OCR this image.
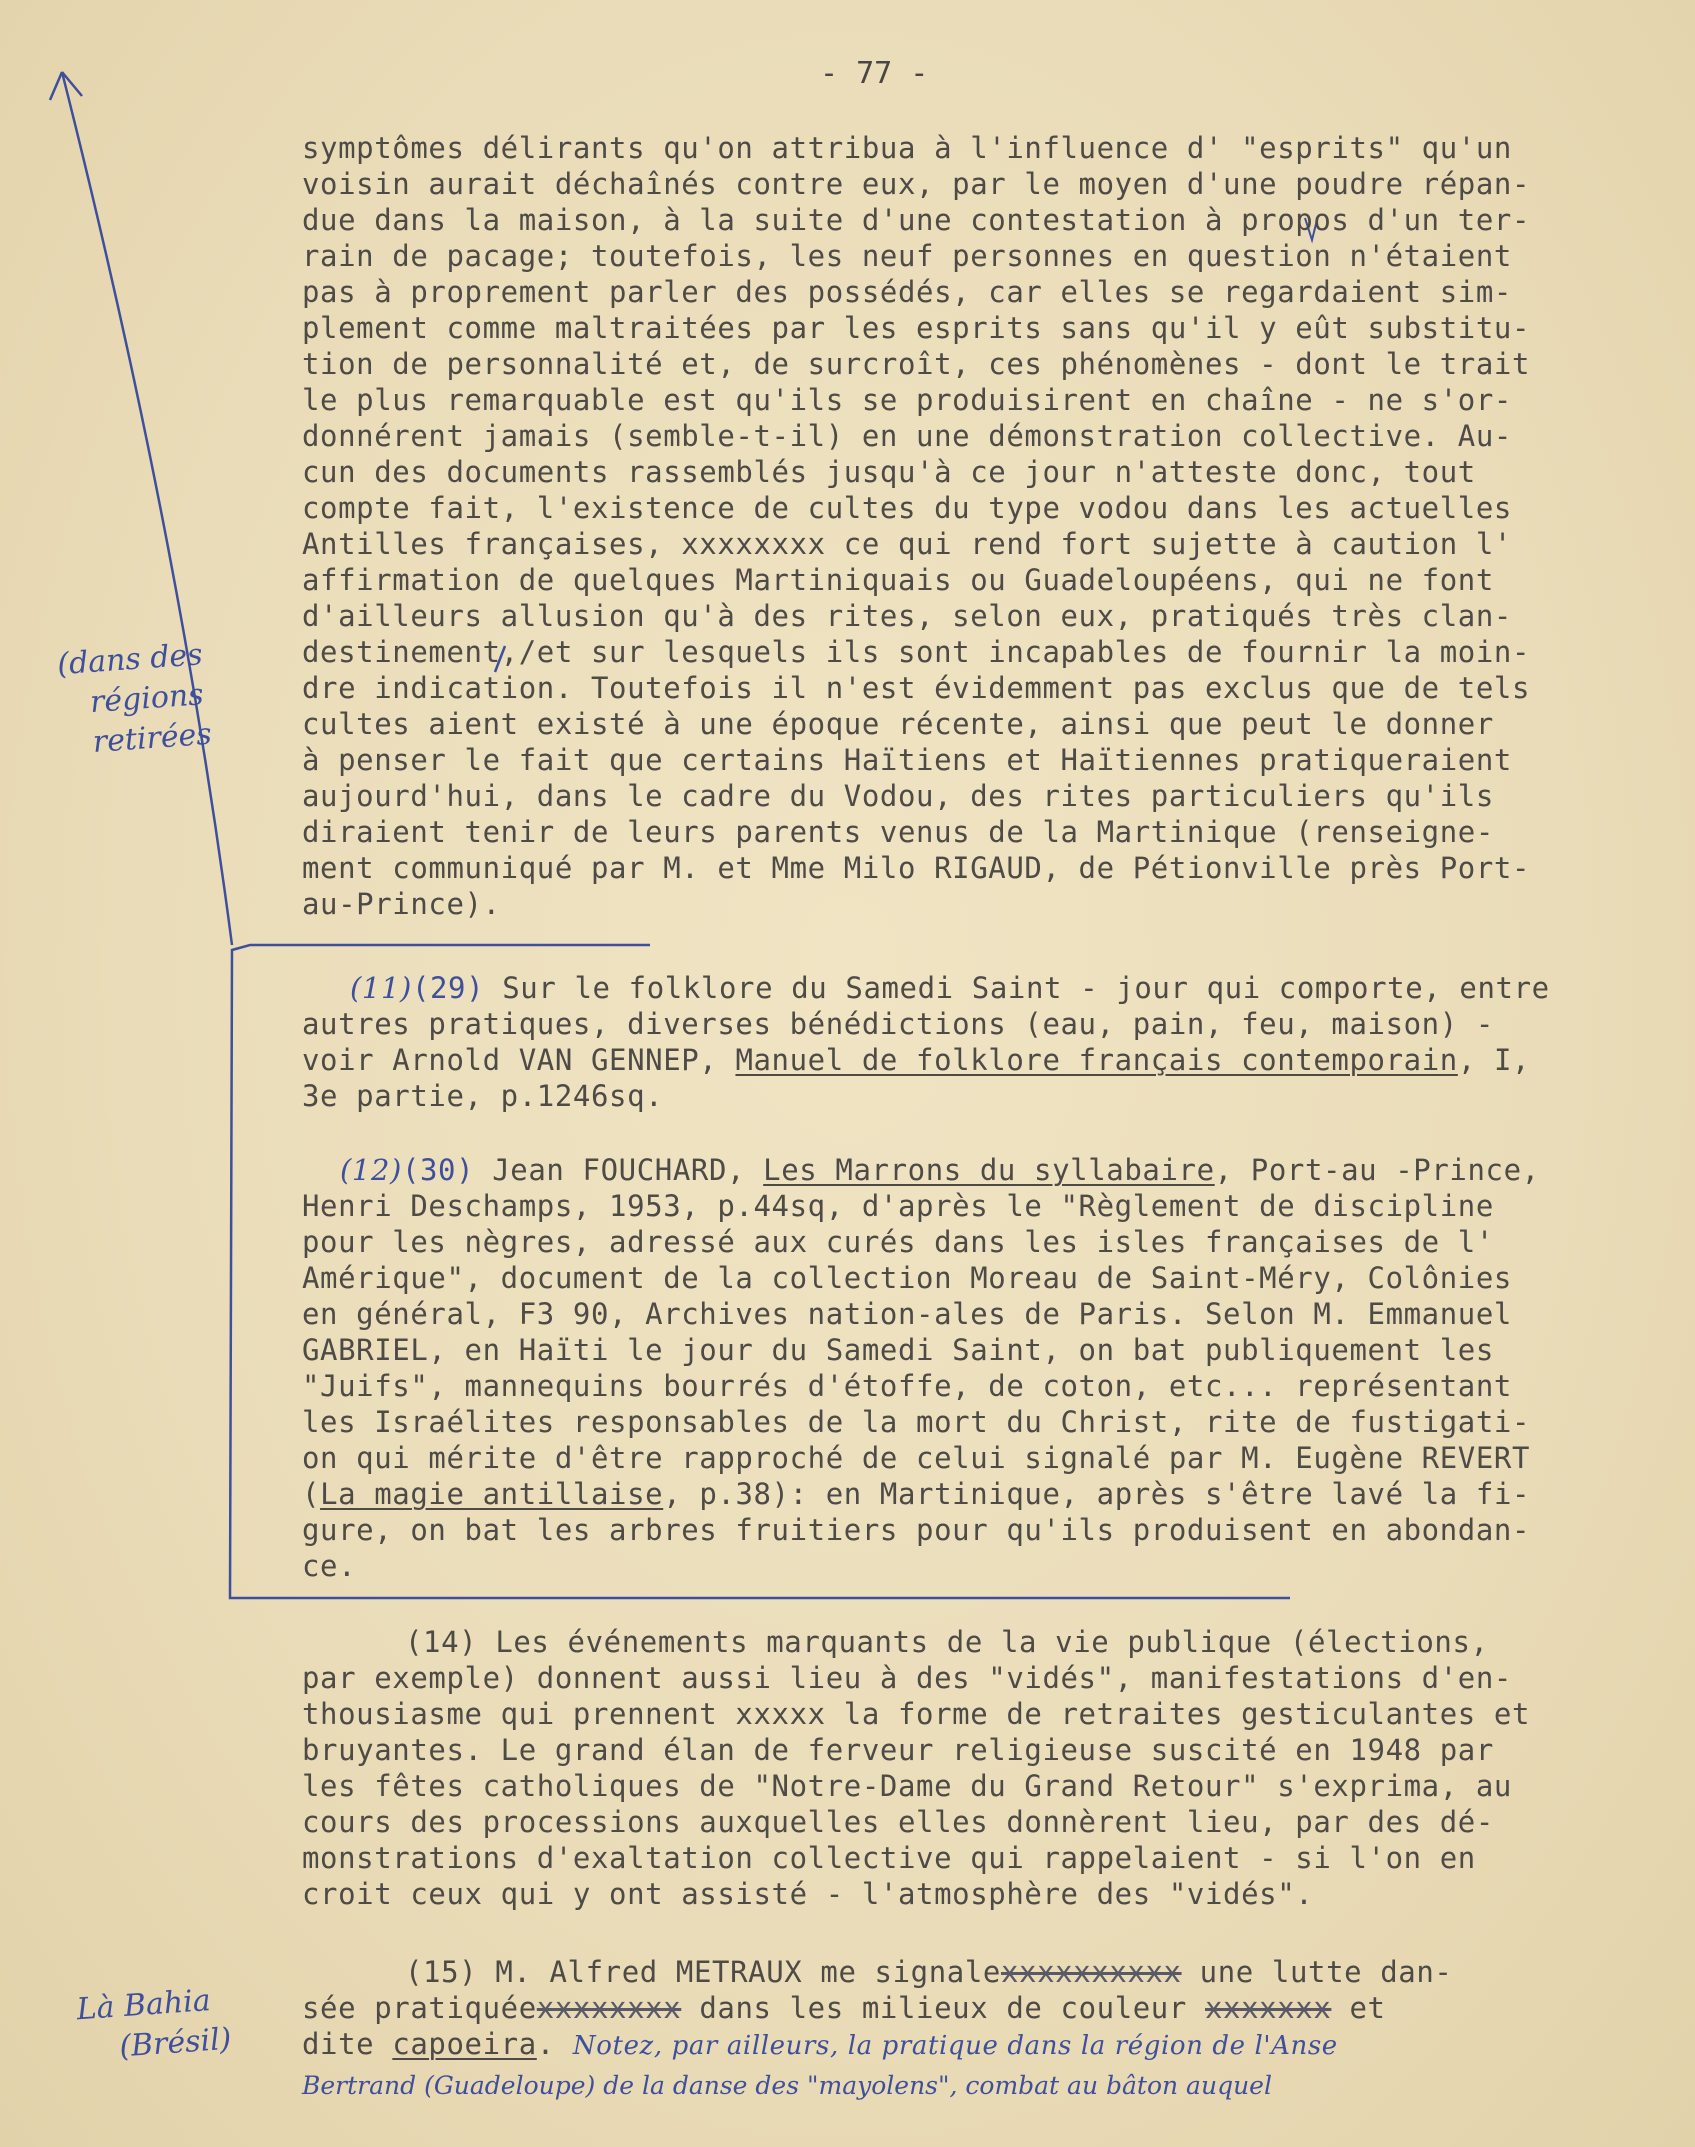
- 77 -
(dans des
régions
retirées
Là Bahia
(Brésil)
symptômes délirants qu'on attribua à l'influence d' "esprits" qu'un
voisin aurait déchaînés contre eux, par le moyen d'une poudre répan-
due dans la maison, à la suite d'une contestation à propos d'un ter-
rain de pacage; toutefois, les neuf personnes en question n'étaient
pas à proprement parler des possédés, car elles se regardaient sim-
plement comme maltraitées par les esprits sans qu'il y eût substitu-
tion de personnalité et, de surcroît, ces phénomènes - dont le trait
le plus remarquable est qu'ils se produisirent en chaîne - ne s'or-
donnérent jamais (semble-t-il) en une démonstration collective. Au-
cun des documents rassemblés jusqu'à ce jour n'atteste donc, tout
compte fait, l'existence de cultes du type vodou dans les actuelles
Antilles françaises, xxxxxxxx ce qui rend fort sujette à caution l'
affirmation de quelques Martiniquais ou Guadeloupéens, qui ne font
d'ailleurs allusion qu'à des rites, selon eux, pratiqués très clan-
destinement,/et sur lesquels ils sont incapables de fournir la moin-
dre indication. Toutefois il n'est évidemment pas exclus que de tels
cultes aient existé à une époque récente, ainsi que peut le donner
à penser le fait que certains Haïtiens et Haïtiennes pratiqueraient
aujourd'hui, dans le cadre du Vodou, des rites particuliers qu'ils
diraient tenir de leurs parents venus de la Martinique (renseigne-
ment communiqué par M. et Mme Milo RIGAUD, de Pétionville près Port-
au-Prince).
(11)(29) Sur le folklore du Samedi Saint - jour qui comporte, entre
autres pratiques, diverses bénédictions (eau, pain, feu, maison) -
voir Arnold VAN GENNEP, Manuel de folklore français contemporain, I,
3e partie, p.1246sq.
(12)(30) Jean FOUCHARD, Les Marrons du syllabaire, Port-au -Prince,
Henri Deschamps, 1953, p.44sq, d'après le "Règlement de discipline
pour les nègres, adressé aux curés dans les isles françaises de l'
Amérique", document de la collection Moreau de Saint-Méry, Colônies
en général, F3 90, Archives nation-ales de Paris. Selon M. Emmanuel
GABRIEL, en Haïti le jour du Samedi Saint, on bat publiquement les
"Juifs", mannequins bourrés d'étoffe, de coton, etc... représentant
les Israélites responsables de la mort du Christ, rite de fustigati-
on qui mérite d'être rapproché de celui signalé par M. Eugène REVERT
(La magie antillaise, p.38): en Martinique, après s'être lavé la fi-
gure, on bat les arbres fruitiers pour qu'ils produisent en abondan-
ce.
(14) Les événements marquants de la vie publique (élections,
par exemple) donnent aussi lieu à des "vidés", manifestations d'en-
thousiasme qui prennent xxxxx la forme de retraites gesticulantes et
bruyantes. Le grand élan de ferveur religieuse suscité en 1948 par
les fêtes catholiques de "Notre-Dame du Grand Retour" s'exprima, au
cours des processions auxquelles elles donnèrent lieu, par des dé-
monstrations d'exaltation collective qui rappelaient - si l'on en
croit ceux qui y ont assisté - l'atmosphère des "vidés".
(15) M. Alfred METRAUX me signalexxxxxxxxxx une lutte dan-
sée pratiquéexxxxxxxx dans les milieux de couleur xxxxxxx et
dite capoeira. Notez, par ailleurs, la pratique dans la région de l'Anse
Bertrand (Guadeloupe) de la danse des "mayolens", combat au bâton auquel
